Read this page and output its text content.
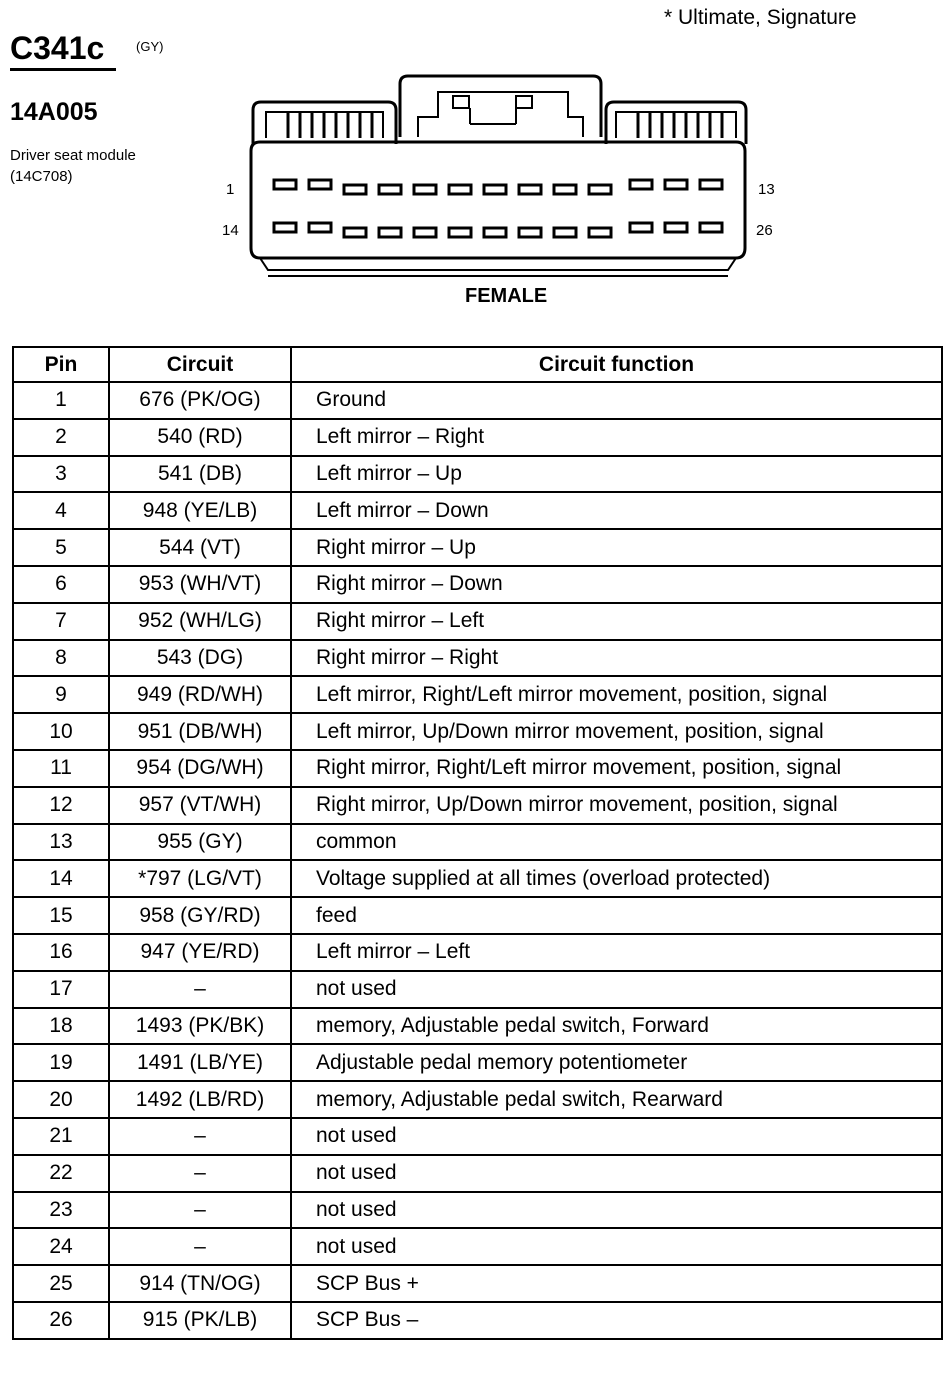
* Ultimate, Signature
C341c (GY)
14A005
Driver seat module
(14C708)
1	13
14	26
FEMALE
Pin	Circuit	Circuit function
1	676 (PK/OG)	Ground
2	540 (RD)	Left mirror – Right
3	541 (DB)	Left mirror – Up
4	948 (YE/LB)	Left mirror – Down
5	544 (VT)	Right mirror – Up
6	953 (WH/VT)	Right mirror – Down
7	952 (WH/LG)	Right mirror – Left
8	543 (DG)	Right mirror – Right
9	949 (RD/WH)	Left mirror, Right/Left mirror movement, position, signal
10	951 (DB/WH)	Left mirror, Up/Down mirror movement, position, signal
11	954 (DG/WH)	Right mirror, Right/Left mirror movement, position, signal
12	957 (VT/WH)	Right mirror, Up/Down mirror movement, position, signal
13	955 (GY)	common
14	*797 (LG/VT)	Voltage supplied at all times (overload protected)
15	958 (GY/RD)	feed
16	947 (YE/RD)	Left mirror – Left
17	–	not used
18	1493 (PK/BK)	memory, Adjustable pedal switch, Forward
19	1491 (LB/YE)	Adjustable pedal memory potentiometer
20	1492 (LB/RD)	memory, Adjustable pedal switch, Rearward
21	–	not used
22	–	not used
23	–	not used
24	–	not used
25	914 (TN/OG)	SCP Bus +
26	915 (PK/LB)	SCP Bus –
